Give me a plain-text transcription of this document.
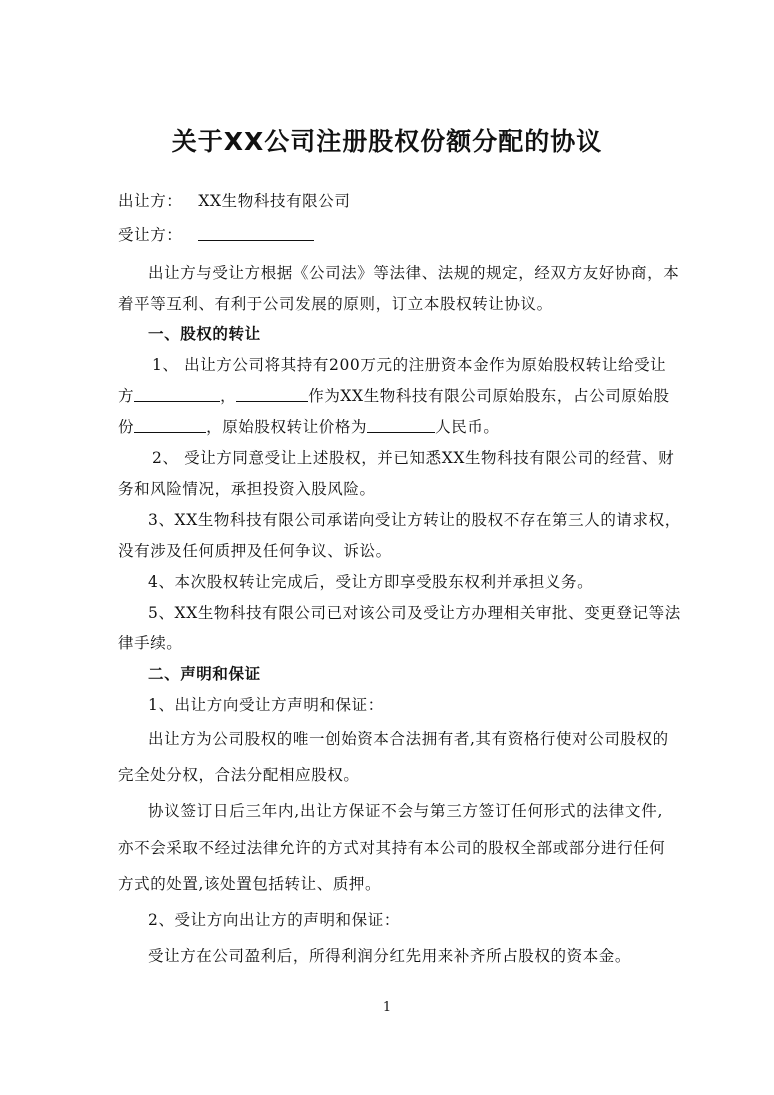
关于XX公司注册股权份额分配的协议
出让方： XX生物科技有限公司
受让方：
出让方与受让方根据《公司法》等法律、法规的规定，经双方友好协商，本
着平等互利、有利于公司发展的原则，订立本股权转让协议。
一、股权的转让
1、 出让方公司将其持有200万元的注册资本金作为原始股权转让给受让
方	，	作为XX生物科技有限公司原始股东，占公司原始股
份	，原始股权转让价格为	人民币。
2、 受让方同意受让上述股权，并已知悉XX生物科技有限公司的经营、财
务和风险情况，承担投资入股风险。
3、XX生物科技有限公司承诺向受让方转让的股权不存在第三人的请求权，
没有涉及任何质押及任何争议、诉讼。
4、本次股权转让完成后，受让方即享受股东权利并承担义务。
5、XX生物科技有限公司已对该公司及受让方办理相关审批、变更登记等法
律手续。
二、声明和保证
1、出让方向受让方声明和保证：
出让方为公司股权的唯一创始资本合法拥有者,其有资格行使对公司股权的
完全处分权，合法分配相应股权。
协议签订日后三年内,出让方保证不会与第三方签订任何形式的法律文件,
亦不会采取不经过法律允许的方式对其持有本公司的股权全部或部分进行任何
方式的处置,该处置包括转让、质押。
2、受让方向出让方的声明和保证：
受让方在公司盈利后，所得利润分红先用来补齐所占股权的资本金。
1
